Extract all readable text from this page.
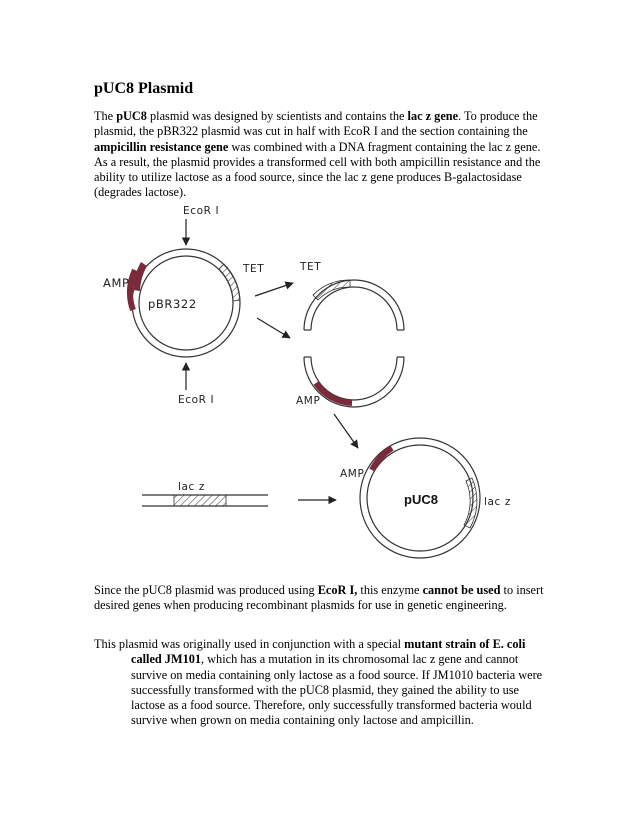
pUC8 Plasmid
The pUC8 plasmid was designed by scientists and contains the lac z gene. To produce the plasmid, the pBR322 plasmid was cut in half with EcoR I and the section containing the ampicillin resistance gene was combined with a DNA fragment containing the lac z gene. As a result, the plasmid provides a transformed cell with both ampicillin resistance and the ability to utilize lactose as a food source, since the lac z gene produces B-galactosidase (degrades lactose).
EcoR I
EcoR I
AMP
TET
pBR322
TET
AMP
AMP
pUC8	lac z
lac z
Since the pUC8 plasmid was produced using EcoR I, this enzyme cannot be used to insert desired genes when producing recombinant plasmids for use in genetic engineering.
This plasmid was originally used in conjunction with a special mutant strain of E. coli
called JM101, which has a mutation in its chromosomal lac z gene and cannot survive on media containing only lactose as a food source. If JM1010 bacteria were successfully transformed with the pUC8 plasmid, they gained the ability to use lactose as a food source. Therefore, only successfully transformed bacteria would survive when grown on media containing only lactose and ampicillin.
